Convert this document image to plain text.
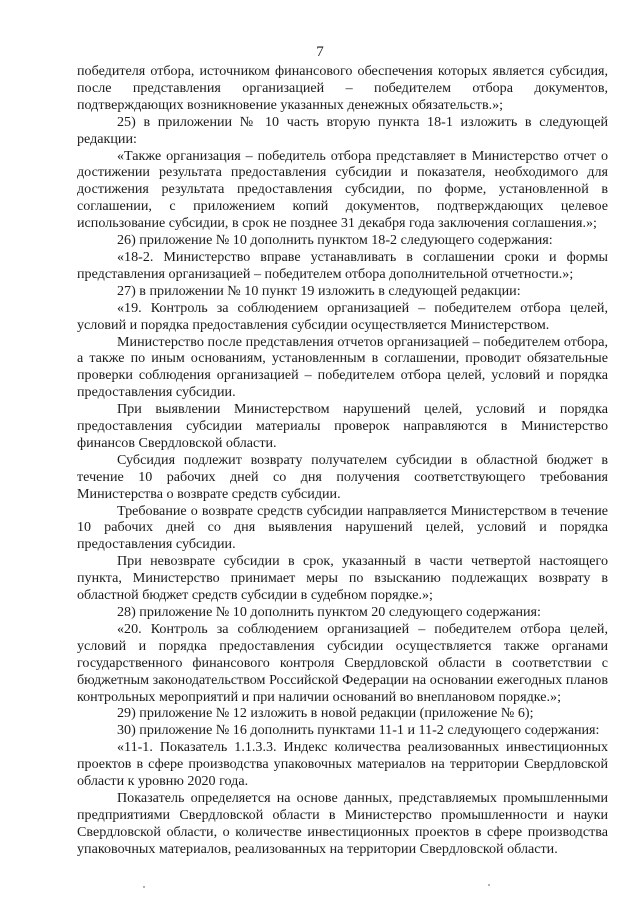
7

победителя отбора, источником финансового обеспечения которых является субсидия, после представления организацией – победителем отбора документов, подтверждающих возникновение указанных денежных обязательств.»;

25) в приложении № 10 часть вторую пункта 18-1 изложить в следующей редакции:

«Также организация – победитель отбора представляет в Министерство отчет о достижении результата предоставления субсидии и показателя, необходимого для достижения результата предоставления субсидии, по форме, установленной в соглашении, с приложением копий документов, подтверждающих целевое использование субсидии, в срок не позднее 31 декабря года заключения соглашения.»;

26) приложение № 10 дополнить пунктом 18-2 следующего содержания:

«18-2. Министерство вправе устанавливать в соглашении сроки и формы представления организацией – победителем отбора дополнительной отчетности.»;

27) в приложении № 10 пункт 19 изложить в следующей редакции:

«19. Контроль за соблюдением организацией – победителем отбора целей, условий и порядка предоставления субсидии осуществляется Министерством.

Министерство после представления отчетов организацией – победителем отбора, а также по иным основаниям, установленным в соглашении, проводит обязательные проверки соблюдения организацией – победителем отбора целей, условий и порядка предоставления субсидии.

При выявлении Министерством нарушений целей, условий и порядка предоставления субсидии материалы проверок направляются в Министерство финансов Свердловской области.

Субсидия подлежит возврату получателем субсидии в областной бюджет в течение 10 рабочих дней со дня получения соответствующего требования Министерства о возврате средств субсидии.

Требование о возврате средств субсидии направляется Министерством в течение 10 рабочих дней со дня выявления нарушений целей, условий и порядка предоставления субсидии.

При невозврате субсидии в срок, указанный в части четвертой настоящего пункта, Министерство принимает меры по взысканию подлежащих возврату в областной бюджет средств субсидии в судебном порядке.»;

28) приложение № 10 дополнить пунктом 20 следующего содержания:

«20. Контроль за соблюдением организацией – победителем отбора целей, условий и порядка предоставления субсидии осуществляется также органами государственного финансового контроля Свердловской области в соответствии с бюджетным законодательством Российской Федерации на основании ежегодных планов контрольных мероприятий и при наличии оснований во внеплановом порядке.»;

29) приложение № 12 изложить в новой редакции (приложение № 6);

30) приложение № 16 дополнить пунктами 11-1 и 11-2 следующего содержания:

«11-1. Показатель 1.1.3.3. Индекс количества реализованных инвестиционных проектов в сфере производства упаковочных материалов на территории Свердловской области к уровню 2020 года.

Показатель определяется на основе данных, представляемых промышленными предприятиями Свердловской области в Министерство промышленности и науки Свердловской области, о количестве инвестиционных проектов в сфере производства упаковочных материалов, реализованных на территории Свердловской области.
